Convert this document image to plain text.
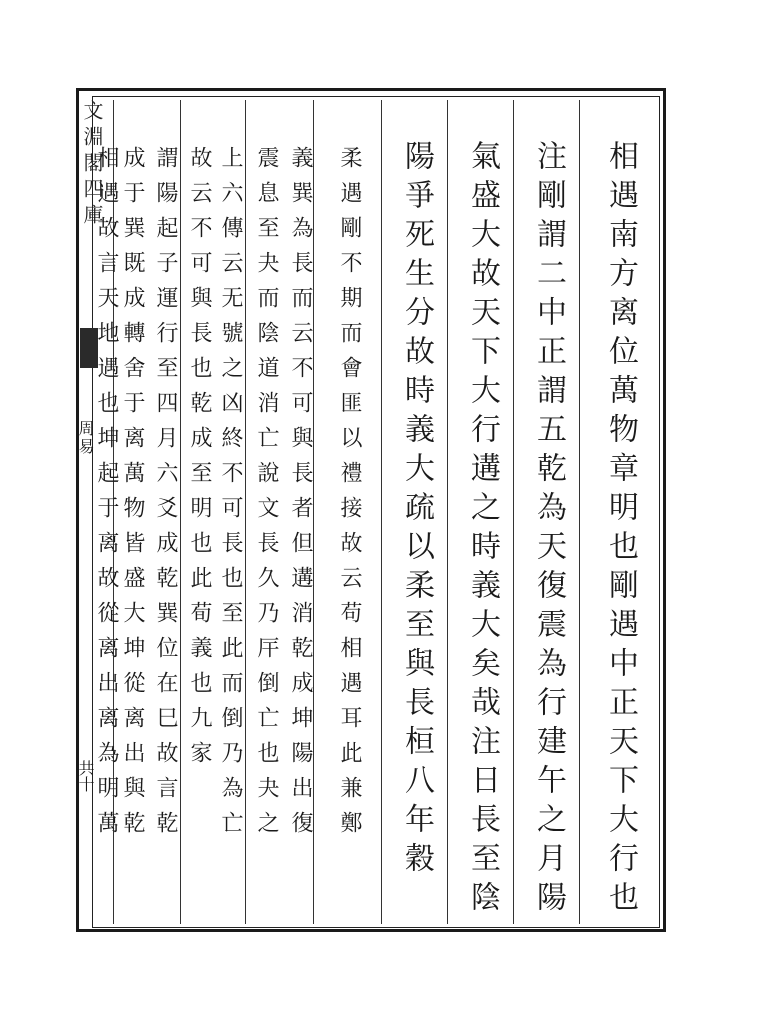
文淵閣四庫
周易
共十	相遇南方离位萬物章明也剛遇中正天下大行也
注剛謂二中正謂五乾為天復震為行建午之月陽
氣盛大故天下大行遘之時義大矣哉注日長至陰
陽爭死生分故時義大疏以柔至與長桓八年穀
柔遇剛不期而會匪以禮接故云苟相遇耳此兼鄭
義巽為長而云不可與長者但遘消乾成坤陽出復
震息至夬而陰道消亡說文長久乃厈倒亡也夬之
上六傳云无號之凶終不可長也至此而倒乃為亡
故云不可與長也乾成至明也此荀義也九家
謂陽起子運行至四月六爻成乾巽位在巳故言乾
成于巽既成轉舍于离萬物皆盛大坤從离出與乾
相遇故言天地遇也坤起于离故從离出离為明萬
